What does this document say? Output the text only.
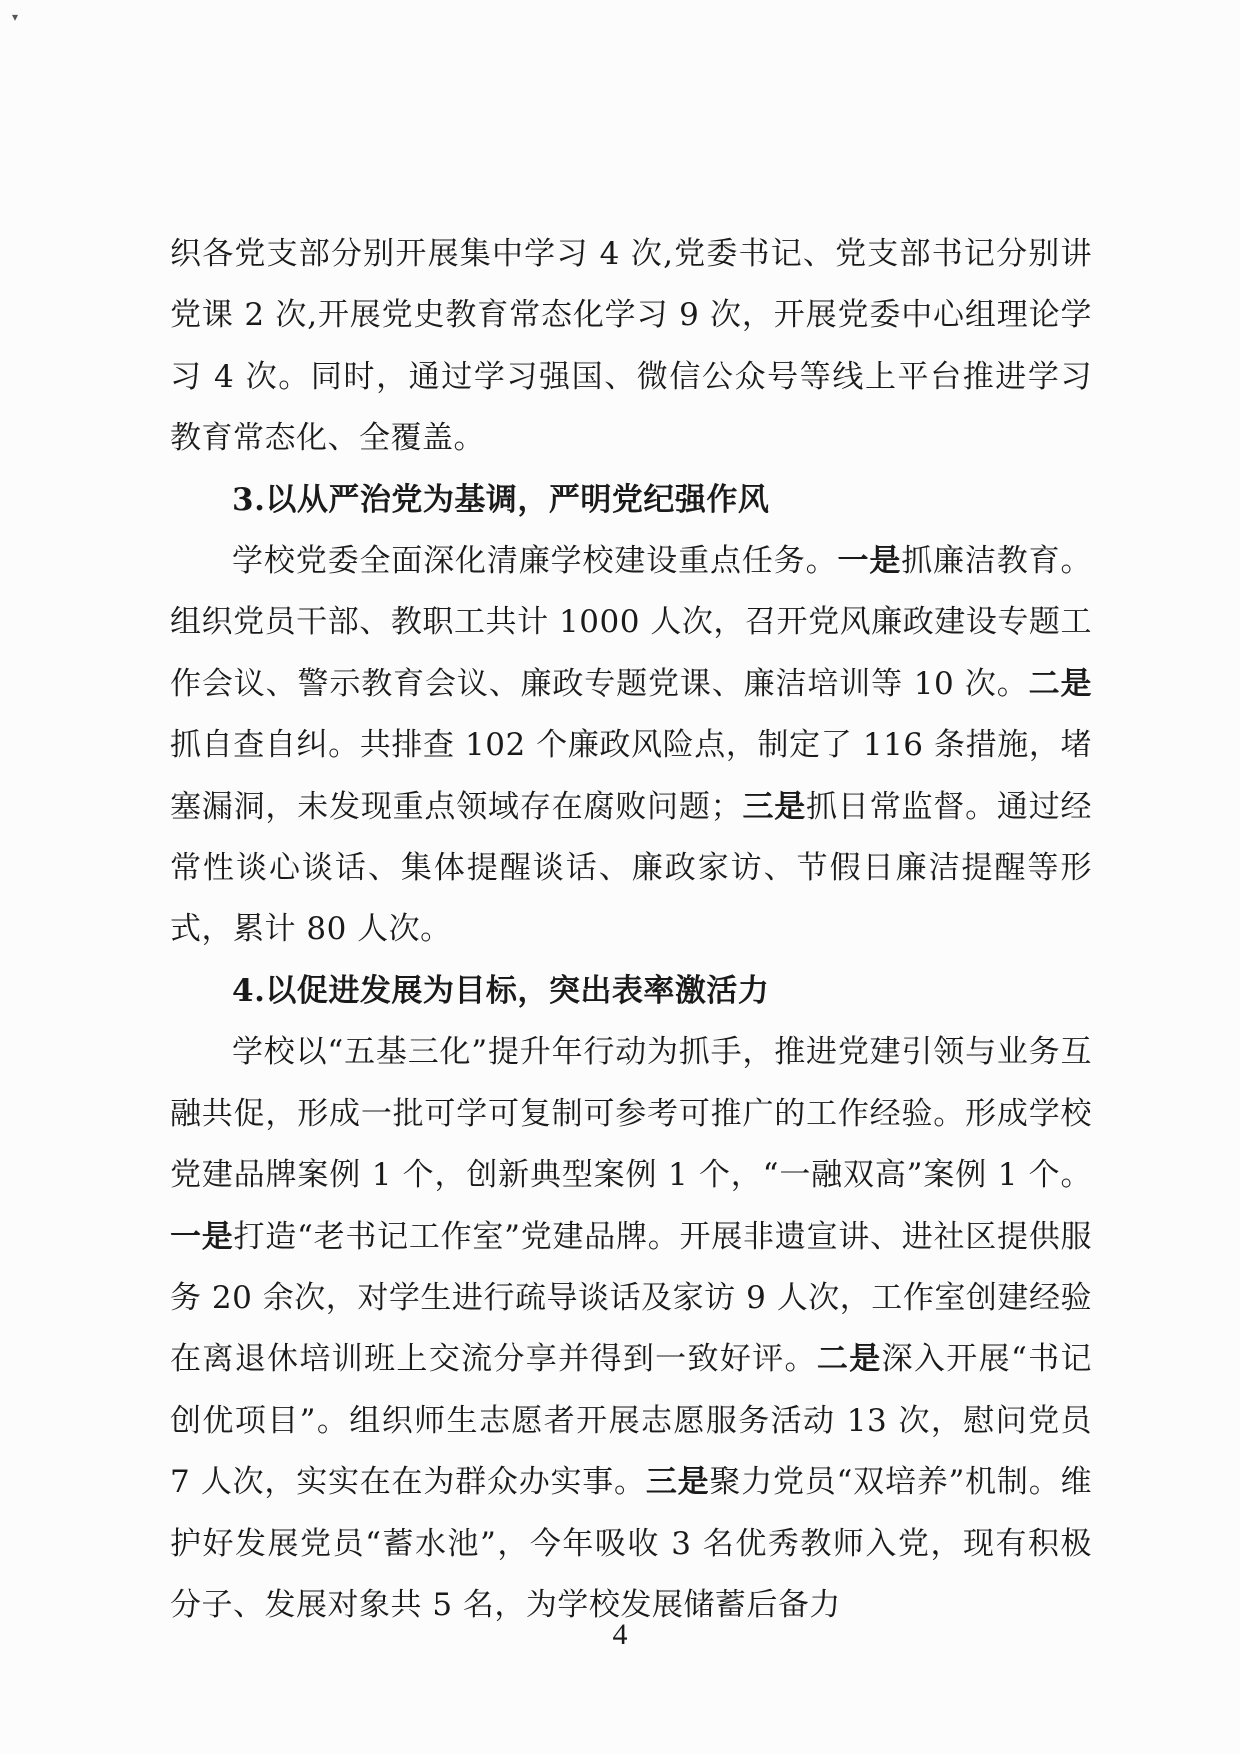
▾

织各党支部分别开展集中学习 4 次,党委书记、党支部书记分别讲党课 2 次,开展党史教育常态化学习 9 次，开展党委中心组理论学习 4 次。同时，通过学习强国、微信公众号等线上平台推进学习教育常态化、全覆盖。

3.以从严治党为基调，严明党纪强作风

学校党委全面深化清廉学校建设重点任务。一是抓廉洁教育。组织党员干部、教职工共计 1000 人次，召开党风廉政建设专题工作会议、警示教育会议、廉政专题党课、廉洁培训等 10 次。二是抓自查自纠。共排查 102 个廉政风险点，制定了 116 条措施，堵塞漏洞，未发现重点领域存在腐败问题；三是抓日常监督。通过经常性谈心谈话、集体提醒谈话、廉政家访、节假日廉洁提醒等形式，累计 80 人次。

4.以促进发展为目标，突出表率激活力

学校以“五基三化”提升年行动为抓手，推进党建引领与业务互融共促，形成一批可学可复制可参考可推广的工作经验。形成学校党建品牌案例 1 个，创新典型案例 1 个，“一融双高”案例 1 个。一是打造“老书记工作室”党建品牌。开展非遗宣讲、进社区提供服务 20 余次，对学生进行疏导谈话及家访 9 人次，工作室创建经验在离退休培训班上交流分享并得到一致好评。二是深入开展“书记创优项目”。组织师生志愿者开展志愿服务活动 13 次，慰问党员 7 人次，实实在在为群众办实事。三是聚力党员“双培养”机制。维护好发展党员“蓄水池”，今年吸收 3 名优秀教师入党，现有积极分子、发展对象共 5 名，为学校发展储蓄后备力

4
